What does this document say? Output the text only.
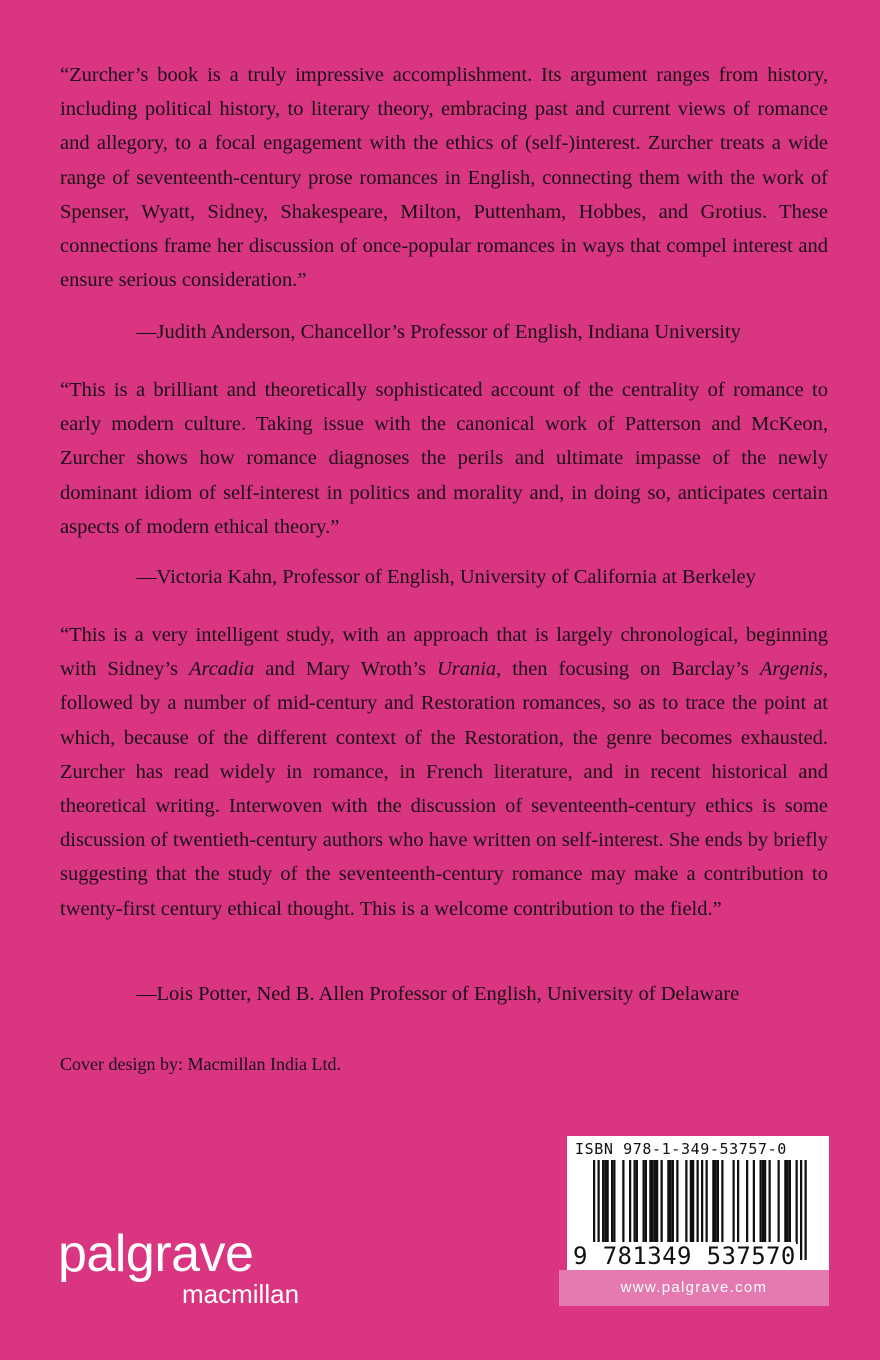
“Zurcher’s book is a truly impressive accomplishment. Its argument ranges from history, including political history, to literary theory, embracing past and current views of romance and allegory, to a focal engagement with the ethics of (self-)interest. Zurcher treats a wide range of seventeenth-century prose romances in English, connecting them with the work of Spenser, Wyatt, Sidney, Shakespeare, Milton, Puttenham, Hobbes, and Grotius. These connections frame her discussion of once-popular romances in ways that compel interest and ensure serious consideration.”
—Judith Anderson, Chancellor’s Professor of English, Indiana University
“This is a brilliant and theoretically sophisticated account of the centrality of romance to early modern culture. Taking issue with the canonical work of Patterson and McKeon, Zurcher shows how romance diagnoses the perils and ultimate impasse of the newly dominant idiom of self-interest in politics and morality and, in doing so, anticipates certain aspects of modern ethical theory.”
—Victoria Kahn, Professor of English, University of California at Berkeley
“This is a very intelligent study, with an approach that is largely chronological, beginning with Sidney’s Arcadia and Mary Wroth’s Urania, then focusing on Barclay’s Argenis, followed by a number of mid-century and Restoration romances, so as to trace the point at which, because of the different context of the Restoration, the genre becomes exhausted. Zurcher has read widely in romance, in French literature, and in recent historical and theoretical writing. Interwoven with the discussion of seventeenth-century ethics is some discussion of twentieth-century authors who have written on self-interest. She ends by briefly suggesting that the study of the seventeenth-century romance may make a contribution to twenty-first century ethical thought. This is a welcome contribution to the field.”
—Lois Potter, Ned B. Allen Professor of English, University of Delaware
Cover design by: Macmillan India Ltd.
ISBN 978-1-349-53757-0
9 781349 537570
www.palgrave.com
palgrave
macmillan
